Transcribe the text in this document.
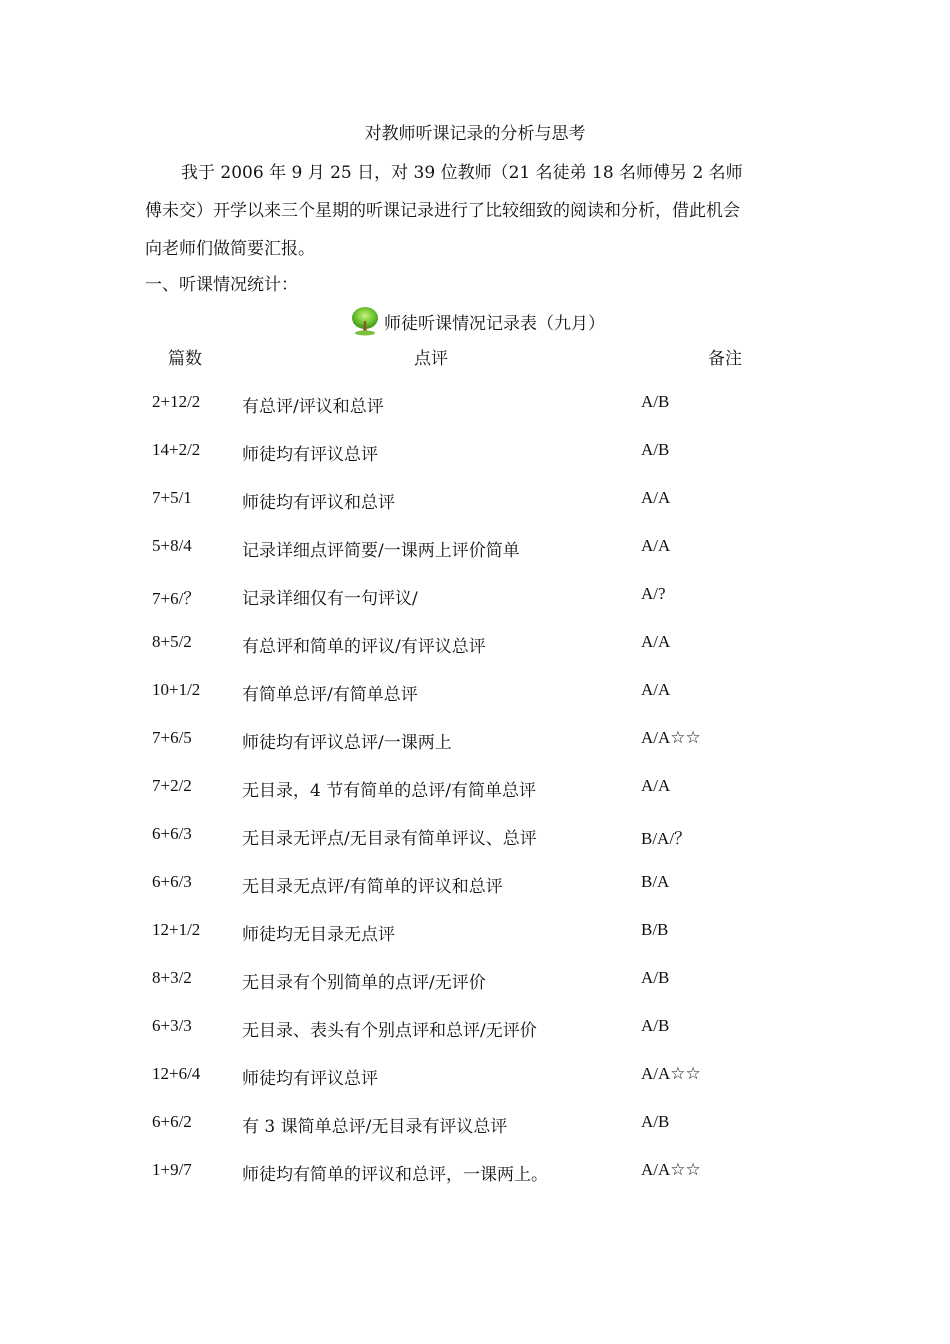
对教师听课记录的分析与思考

我于 2006 年 9 月 25 日，对 39 位教师（21 名徒弟 18 名师傅另 2 名师
傅未交）开学以来三个星期的听课记录进行了比较细致的阅读和分析，借此机会
向老师们做简要汇报。

一、听课情况统计：
师徒听课情况记录表（九月）
篇数	点评	备注
2+12/2 有总评/评议和总评	A/B
14+2/2 师徒均有评议总评	A/B
7+5/1	师徒均有评议和总评	A/A
5+8/4	记录详细点评简要/一课两上评价简单	A/A
7+6/？ 记录详细仅有一句评议/	A/?
8+5/2	有总评和简单的评议/有评议总评	A/A
10+1/2 有简单总评/有简单总评	A/A
7+6/5	师徒均有评议总评/一课两上	A/A☆☆
7+2/2	无目录，4 节有简单的总评/有简单总评	A/A
6+6/3	无目录无评点/无目录有简单评议、总评	B/A/？
6+6/3	无目录无点评/有简单的评议和总评	B/A
12+1/2 师徒均无目录无点评	B/B
8+3/2	无目录有个别简单的点评/无评价	A/B
6+3/3	无目录、表头有个别点评和总评/无评价	A/B
12+6/4 师徒均有评议总评	A/A☆☆
6+6/2	有 3 课简单总评/无目录有评议总评	A/B
1+9/7	师徒均有简单的评议和总评，一课两上。	A/A☆☆
